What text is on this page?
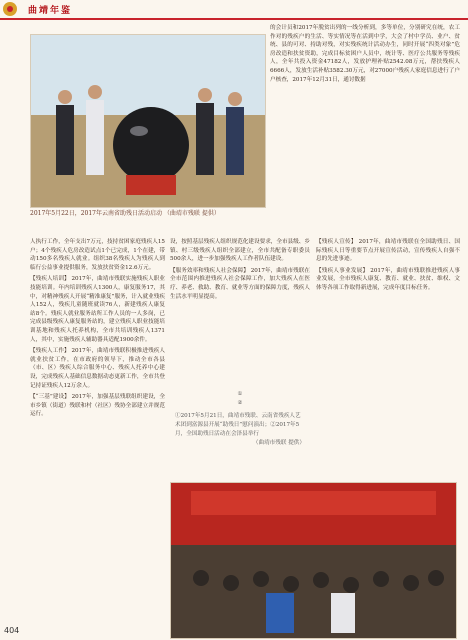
曲靖年鉴
2017年5月22日，2017年云南省助残日活动启动 （曲靖市残联 提供）
的会计员和2017年脱贫出列的一线分析到，多等单位，分别研究在统，农工作对的残疾户的生活、等实情况等在活到中学，大会了村中学员、业户、贫统、县的可对、持助对残，对实残疾统计活动办生，同时开展“四类对象”危房改造和扶贫资助，完成目标贫困户人员中，统计等、医疗公共服务等残疾人，全年共投入资金47182人，发放护理补贴2542.08万元，帮扶残疾人6666人，发放生活补贴3582.30万元，对27000户残疾人家庭信息进行了户户核查，2017年12月31日，通讨数据

人执行工作，全年支出7万元，技持贫困家庭残疾人15户；4个残疾人危房改造试点1个已完成，1个在建，带动150多名残疾人就业。组织38名残疾人为残疾人到临行公益事业提供服务，发放扶贫资金12.6万元。

【残疾人培训】 2017年，曲靖市残联实施残疾人职业技能培训。年内培训残疾人1300人，康复服务17，其中，对精神残疾人开展“精准康复”服务，计入就业残疾人152人，残疾儿童随班就读76人，新建残疾人康复站8个。残疾人就业服务站所工作人员的一人多岗，已完成县级残疾人康复服务站的，建立残疾人职业技能培训基地和残疾人托养机构，全市共培训残疾人1371人，其中，实施残疾人辅助器具适配1900余件。

【残疾人工作】 2017年，曲靖市残联积极推进残疾人就业扶贫工作，在市政府的领导下，推动全市各县（市、区）残疾人综合服务中心、残疾人托养中心建设，完成残疾人基础信息数据动态更新工作，全市共登记持证残疾人12万余人。

【“三基”建设】 2017年，加强基层残联组织建设，全市乡镇（街道）残联和村（社区）残协全部建立并规范运行。

设，按照基层残疾人组织规范化建设要求，全市县级、乡镇、村三级残疾人组织全部建立，全市共配备专职委员500余人，进一步加强残疾人工作者队伍建设。

【服务效率和残疾人社会保障】 2017年，曲靖市残联在全市范围内推进残疾人社会保障工作，加大残疾人在医疗、养老、救助、教育、就业等方面的保障力度，残疾人生活水平明显提高。

【残疾人宣传】 2017年，曲靖市残联在全国助残日、国际残疾人日等重要节点开展宣传活动，宣传残疾人自强不息的先进事迹。

【残疾人事业发展】 2017年，曲靖市残联推进残疾人事业发展，全市残疾人康复、教育、就业、扶贫、维权、文体等各项工作取得新进展，完成年度目标任务。

①
②
①2017年5月21日，曲靖市残联、云南省残疾人艺术团到富源县开展“助残日”慰问演出；②2017年5月，全国助残日活动在会泽县举行
（曲靖市残联 提供）
404
